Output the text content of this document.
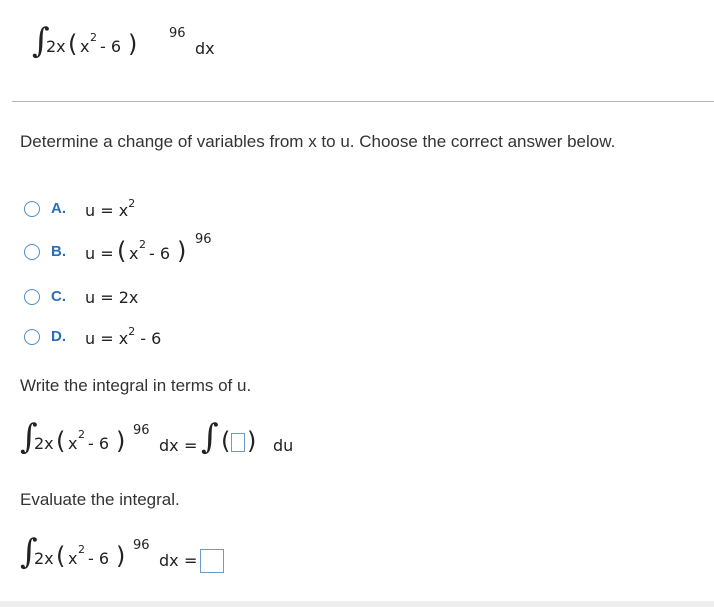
∫
2x ( x 2 - 6 ) 96
dx
Determine a change of variables from x to u. Choose the correct answer below.
A. $u = x^2$
B. u = ( x 2 - 6 ) 96
C. u = 2x
D. $u = x^2 - 6$
Write the integral in terms of u.
∫
2x ( x 2 - 6 ) 96
dx = ∫ ( ) du
Evaluate the integral.
∫
2x ( x 2 - 6 ) 96
dx =
